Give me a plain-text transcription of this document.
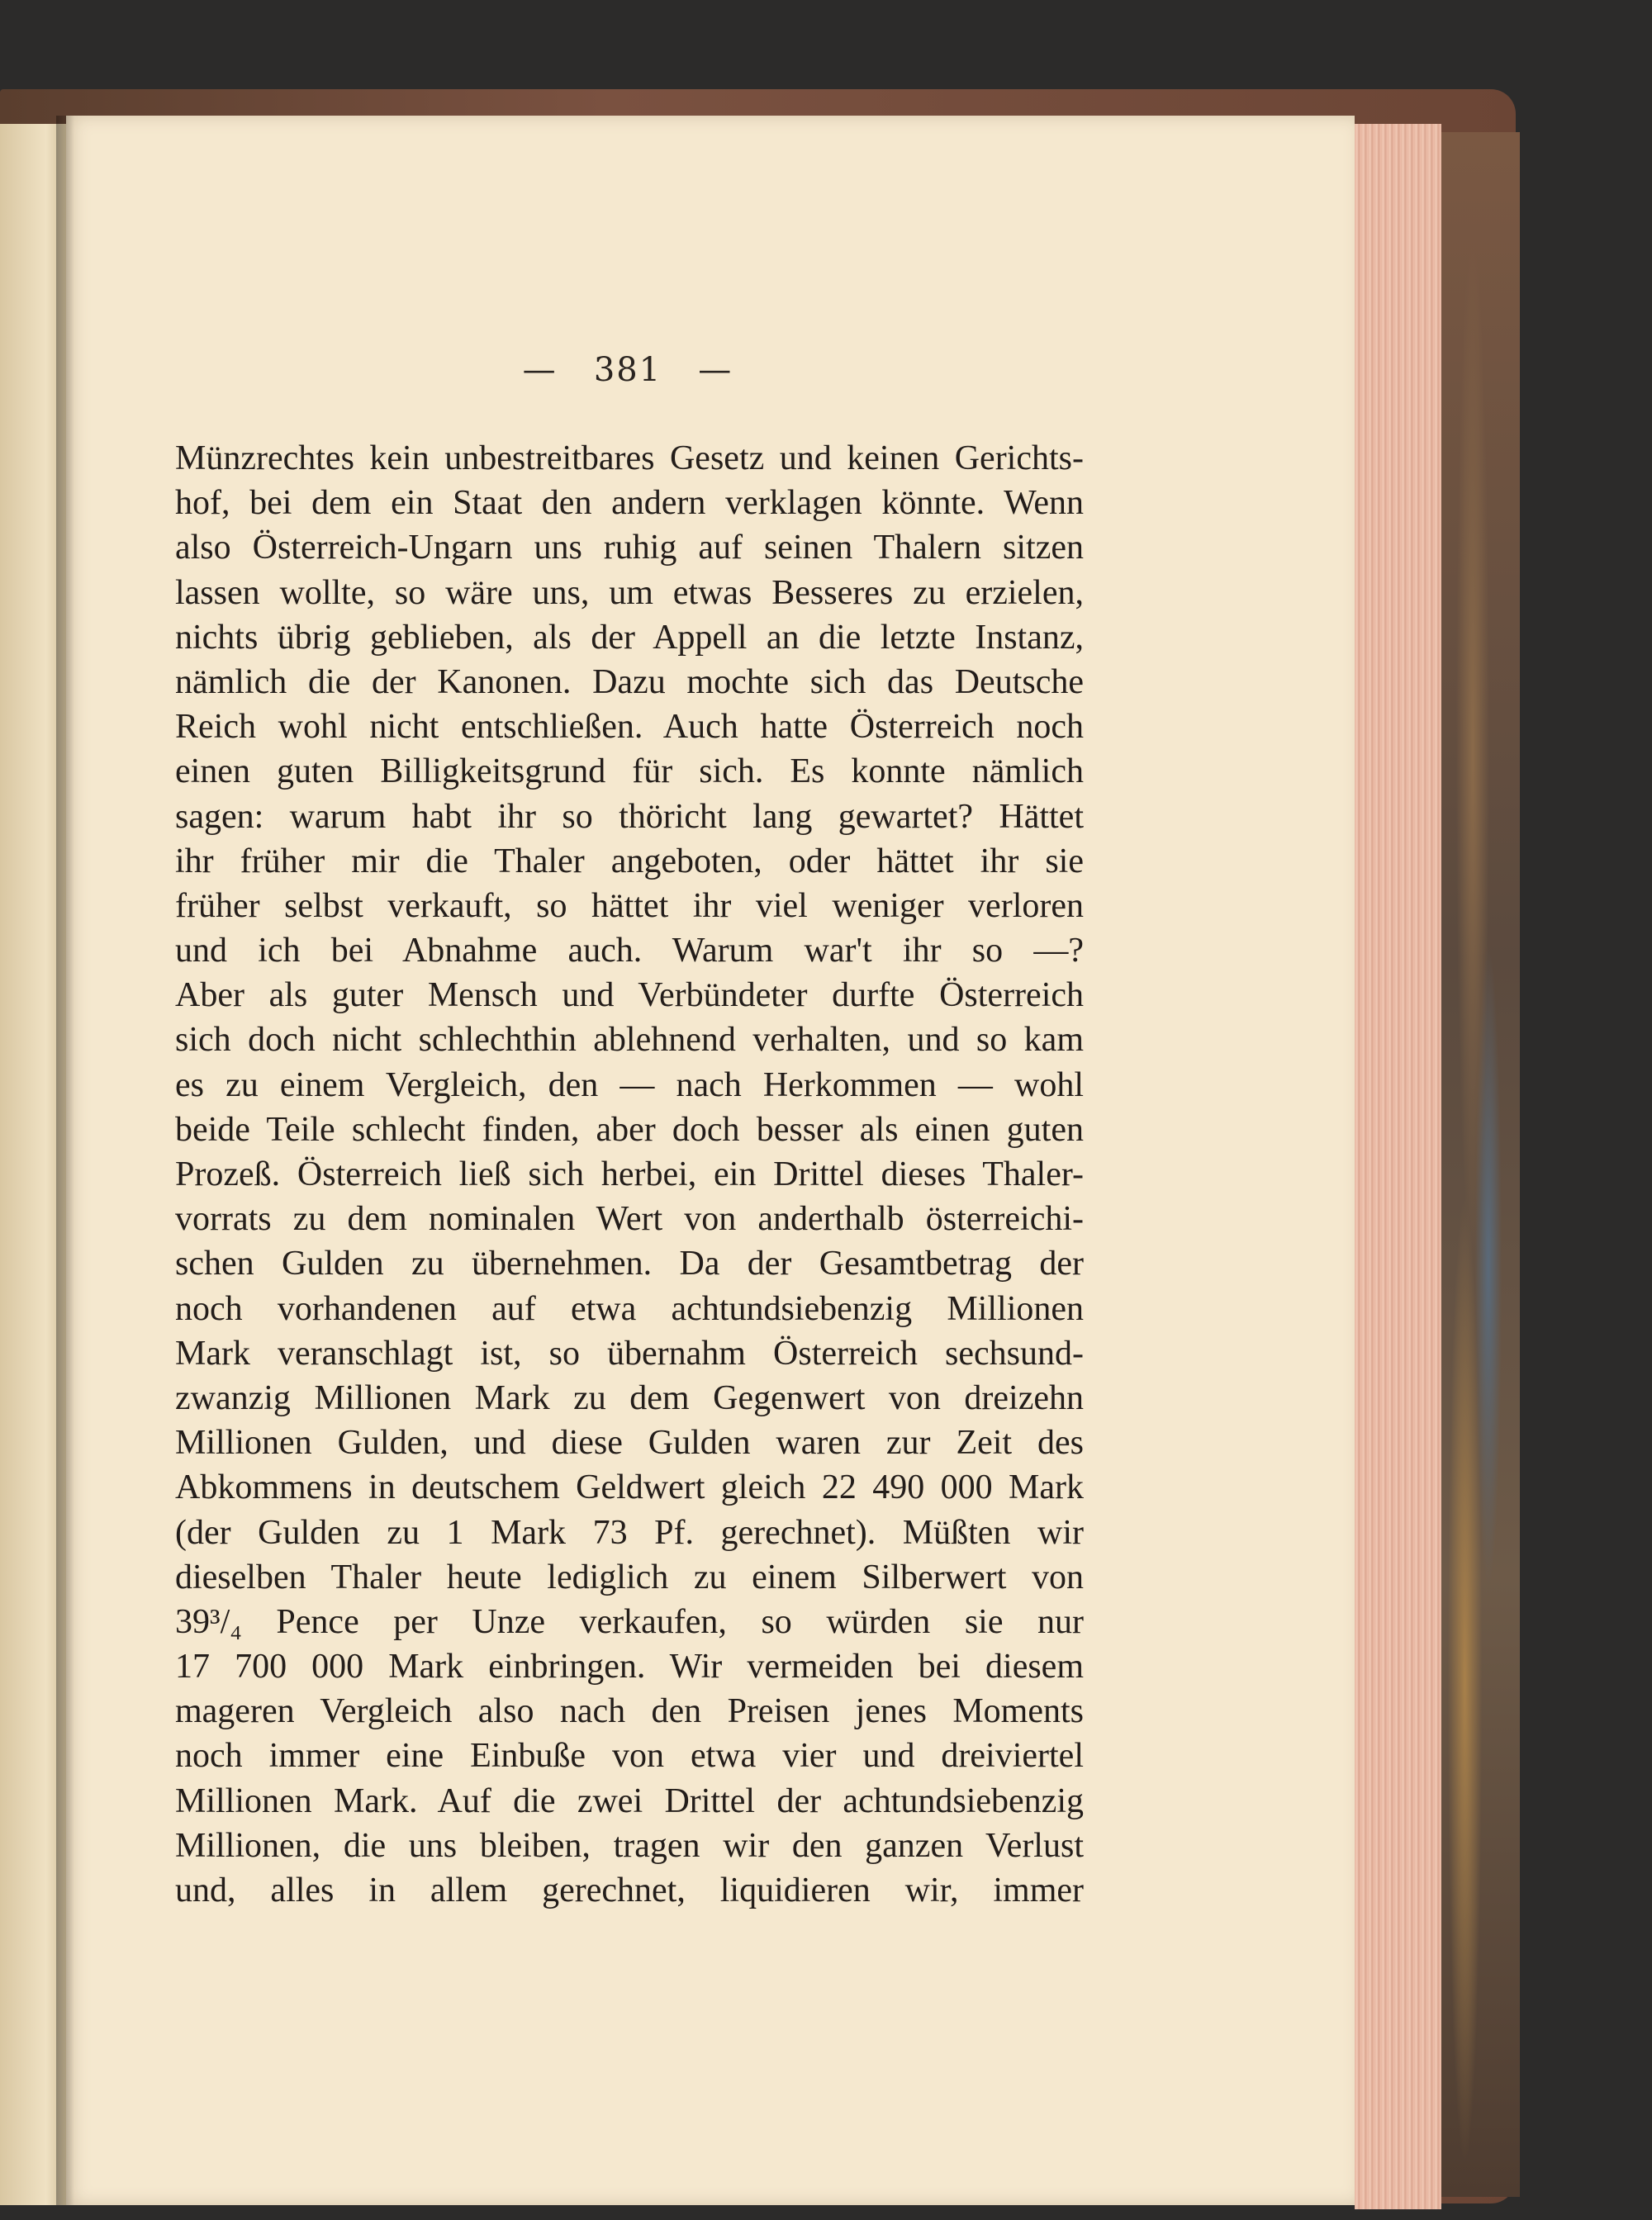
—   381   —
Münzrechtes kein unbestreitbares Gesetz und keinen Gerichts-
hof, bei dem ein Staat den andern verklagen könnte. Wenn
also Österreich-Ungarn uns ruhig auf seinen Thalern sitzen
lassen wollte, so wäre uns, um etwas Besseres zu erzielen,
nichts übrig geblieben, als der Appell an die letzte Instanz,
nämlich die der Kanonen. Dazu mochte sich das Deutsche
Reich wohl nicht entschließen. Auch hatte Österreich noch
einen guten Billigkeitsgrund für sich. Es konnte nämlich
sagen: warum habt ihr so thöricht lang gewartet? Hättet
ihr früher mir die Thaler angeboten, oder hättet ihr sie
früher selbst verkauft, so hättet ihr viel weniger verloren
und ich bei Abnahme auch. Warum war't ihr so —?
Aber als guter Mensch und Verbündeter durfte Österreich
sich doch nicht schlechthin ablehnend verhalten, und so kam
es zu einem Vergleich, den — nach Herkommen — wohl
beide Teile schlecht finden, aber doch besser als einen guten
Prozeß. Österreich ließ sich herbei, ein Drittel dieses Thaler-
vorrats zu dem nominalen Wert von anderthalb österreichi-
schen Gulden zu übernehmen. Da der Gesamtbetrag der
noch vorhandenen auf etwa achtundsiebenzig Millionen
Mark veranschlagt ist, so übernahm Österreich sechsund-
zwanzig Millionen Mark zu dem Gegenwert von dreizehn
Millionen Gulden, und diese Gulden waren zur Zeit des
Abkommens in deutschem Geldwert gleich 22 490 000 Mark
(der Gulden zu 1 Mark 73 Pf. gerechnet). Müßten wir
dieselben Thaler heute lediglich zu einem Silberwert von
39³/₄ Pence per Unze verkaufen, so würden sie nur
17 700 000 Mark einbringen. Wir vermeiden bei diesem
mageren Vergleich also nach den Preisen jenes Moments
noch immer eine Einbuße von etwa vier und dreiviertel
Millionen Mark. Auf die zwei Drittel der achtundsiebenzig
Millionen, die uns bleiben, tragen wir den ganzen Verlust
und, alles in allem gerechnet, liquidieren wir, immer
